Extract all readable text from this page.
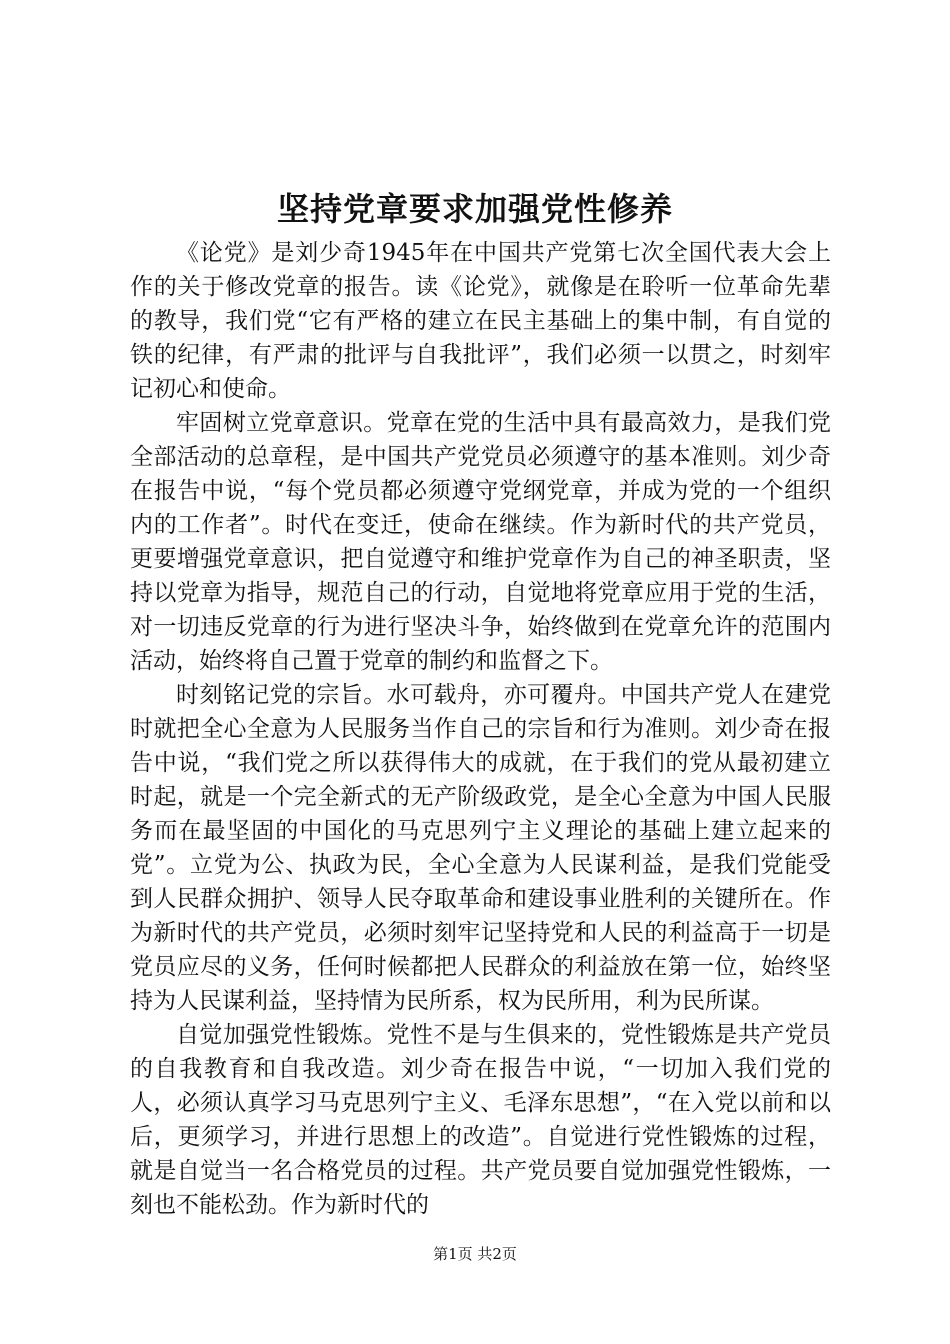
坚持党章要求加强党性修养

《论党》是刘少奇1945年在中国共产党第七次全国代表大会上作的关于修改党章的报告。读《论党》，就像是在聆听一位革命先辈的教导，我们党“它有严格的建立在民主基础上的集中制，有自觉的铁的纪律，有严肃的批评与自我批评”，我们必须一以贯之，时刻牢记初心和使命。

牢固树立党章意识。党章在党的生活中具有最高效力，是我们党全部活动的总章程，是中国共产党党员必须遵守的基本准则。刘少奇在报告中说，“每个党员都必须遵守党纲党章，并成为党的一个组织内的工作者”。时代在变迁，使命在继续。作为新时代的共产党员，更要增强党章意识，把自觉遵守和维护党章作为自己的神圣职责，坚持以党章为指导，规范自己的行动，自觉地将党章应用于党的生活，对一切违反党章的行为进行坚决斗争，始终做到在党章允许的范围内活动，始终将自己置于党章的制约和监督之下。

时刻铭记党的宗旨。水可载舟，亦可覆舟。中国共产党人在建党时就把全心全意为人民服务当作自己的宗旨和行为准则。刘少奇在报告中说，“我们党之所以获得伟大的成就，在于我们的党从最初建立时起，就是一个完全新式的无产阶级政党，是全心全意为中国人民服务而在最坚固的中国化的马克思列宁主义理论的基础上建立起来的党”。立党为公、执政为民，全心全意为人民谋利益，是我们党能受到人民群众拥护、领导人民夺取革命和建设事业胜利的关键所在。作为新时代的共产党员，必须时刻牢记坚持党和人民的利益高于一切是党员应尽的义务，任何时候都把人民群众的利益放在第一位，始终坚持为人民谋利益，坚持情为民所系，权为民所用，利为民所谋。

自觉加强党性锻炼。党性不是与生俱来的，党性锻炼是共产党员的自我教育和自我改造。刘少奇在报告中说，“一切加入我们党的人，必须认真学习马克思列宁主义、毛泽东思想”，“在入党以前和以后，更须学习，并进行思想上的改造”。自觉进行党性锻炼的过程，就是自觉当一名合格党员的过程。共产党员要自觉加强党性锻炼，一刻也不能松劲。作为新时代的

第1页 共2页
